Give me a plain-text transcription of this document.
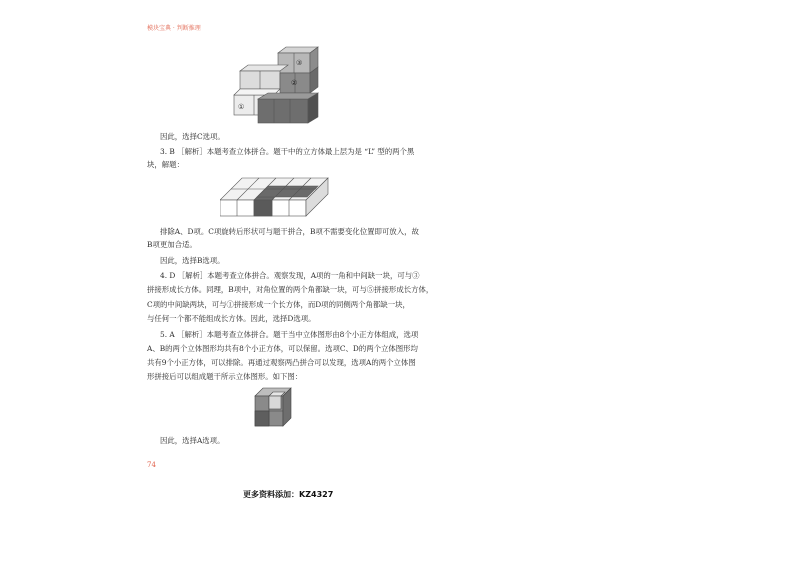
模块宝典 · 判断推理
①
②
③
因此，选择C选项。
3. B ［解析］本题考查立体拼合。题干中的立方体最上层为是 “L” 型的两个黑
块，解题：
排除A、D项。C项旋转后形状可与题干拼合，B项不需要变化位置即可放入，故
B项更加合适。
因此，选择B选项。
4. D ［解析］本题考查立体拼合。观察发现，A项的一角和中间缺一块，可与③
拼接形成长方体。同理，B项中，对角位置的两个角都缺一块，可与⑤拼接形成长方体，
C项的中间缺两块，可与①拼接形成一个长方体，而D项的同侧两个角都缺一块，
与任何一个都不能组成长方体。因此，选择D选项。
5. A ［解析］本题考查立体拼合。题干当中立体图形由8个小正方体组成，选项
A、B的两个立体图形均共有8个小正方体，可以保留。选项C、D的两个立体图形均
共有9个小正方体，可以排除。再通过观察两凸拼合可以发现，选项A的两个立体图
形拼接后可以组成题干所示立体图形。如下图：
因此，选择A选项。
74
更多资料添加：KZ4327
